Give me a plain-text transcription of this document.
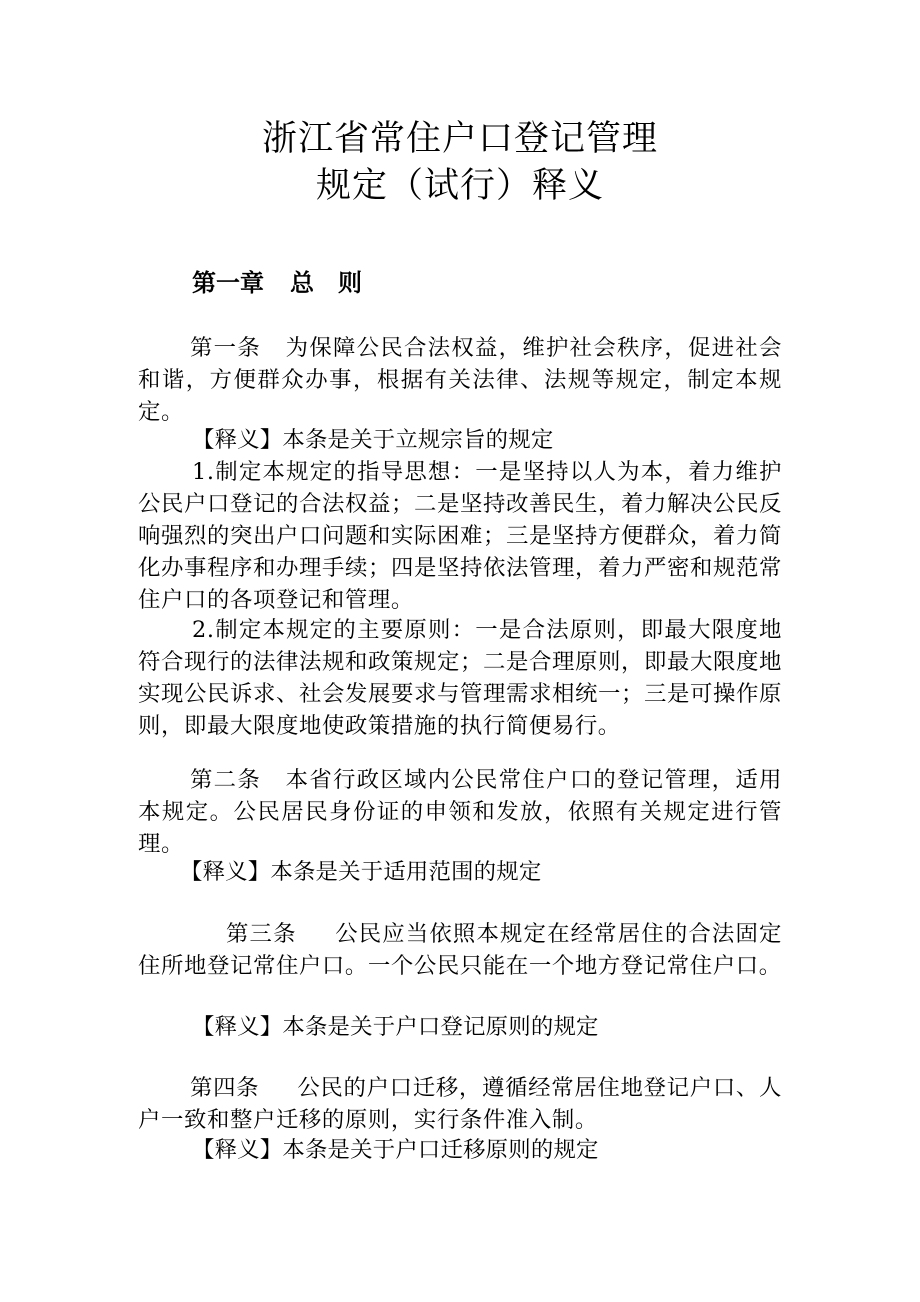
浙江省常住户口登记管理
规定（试行）释义
第一章 总 则
第一条 为保障公民合法权益，维护社会秩序，促进社会和谐，方便群众办事，根据有关法律、法规等规定，制定本规定。
【释义】本条是关于立规宗旨的规定
1.制定本规定的指导思想：一是坚持以人为本，着力维护公民户口登记的合法权益；二是坚持改善民生，着力解决公民反响强烈的突出户口问题和实际困难；三是坚持方便群众，着力简化办事程序和办理手续；四是坚持依法管理，着力严密和规范常住户口的各项登记和管理。
2.制定本规定的主要原则：一是合法原则，即最大限度地符合现行的法律法规和政策规定；二是合理原则，即最大限度地实现公民诉求、社会发展要求与管理需求相统一；三是可操作原则，即最大限度地使政策措施的执行简便易行。
第二条 本省行政区域内公民常住户口的登记管理，适用本规定。公民居民身份证的申领和发放，依照有关规定进行管理。
【释义】本条是关于适用范围的规定
第三条 公民应当依照本规定在经常居住的合法固定住所地登记常住户口。一个公民只能在一个地方登记常住户口。
【释义】本条是关于户口登记原则的规定
第四条 公民的户口迁移，遵循经常居住地登记户口、人户一致和整户迁移的原则，实行条件准入制。
【释义】本条是关于户口迁移原则的规定
